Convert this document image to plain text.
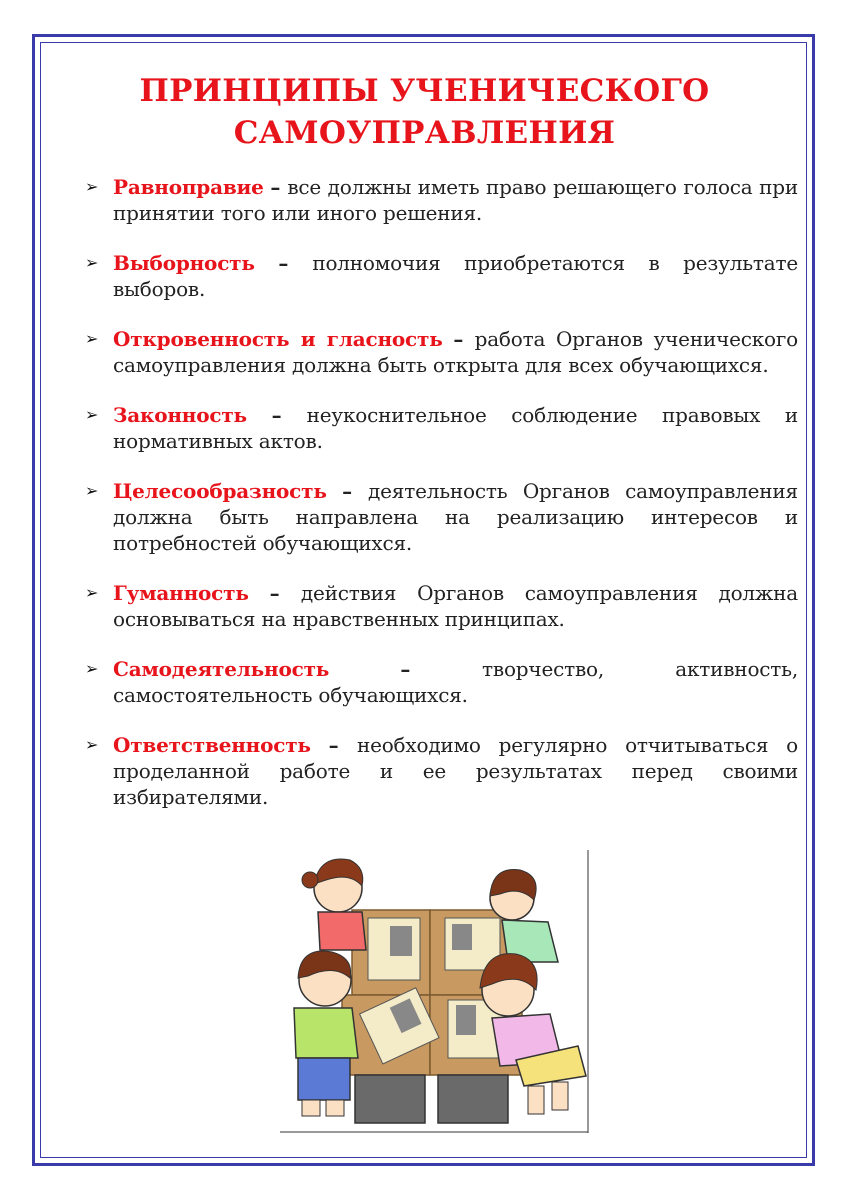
ПРИНЦИПЫ УЧЕНИЧЕСКОГО
САМОУПРАВЛЕНИЯ
➢ Равноправие – все должны иметь право решающего голоса при принятии того или иного решения.
➢ Выборность – полномочия приобретаются в результате выборов.
➢ Откровенность и гласность – работа Органов ученического самоуправления должна быть открыта для всех обучающихся.
➢ Законность – неукоснительное соблюдение правовых и нормативных актов.
➢ Целесообразность – деятельность Органов самоуправления должна быть направлена на реализацию интересов и потребностей обучающихся.
➢ Гуманность – действия Органов самоуправления должна основываться на нравственных принципах.
➢ Самодеятельность	– творчество, активность, самостоятельность обучающихся.
➢ Ответственность – необходимо регулярно отчитываться о проделанной работе и ее результатах перед своими избирателями.
